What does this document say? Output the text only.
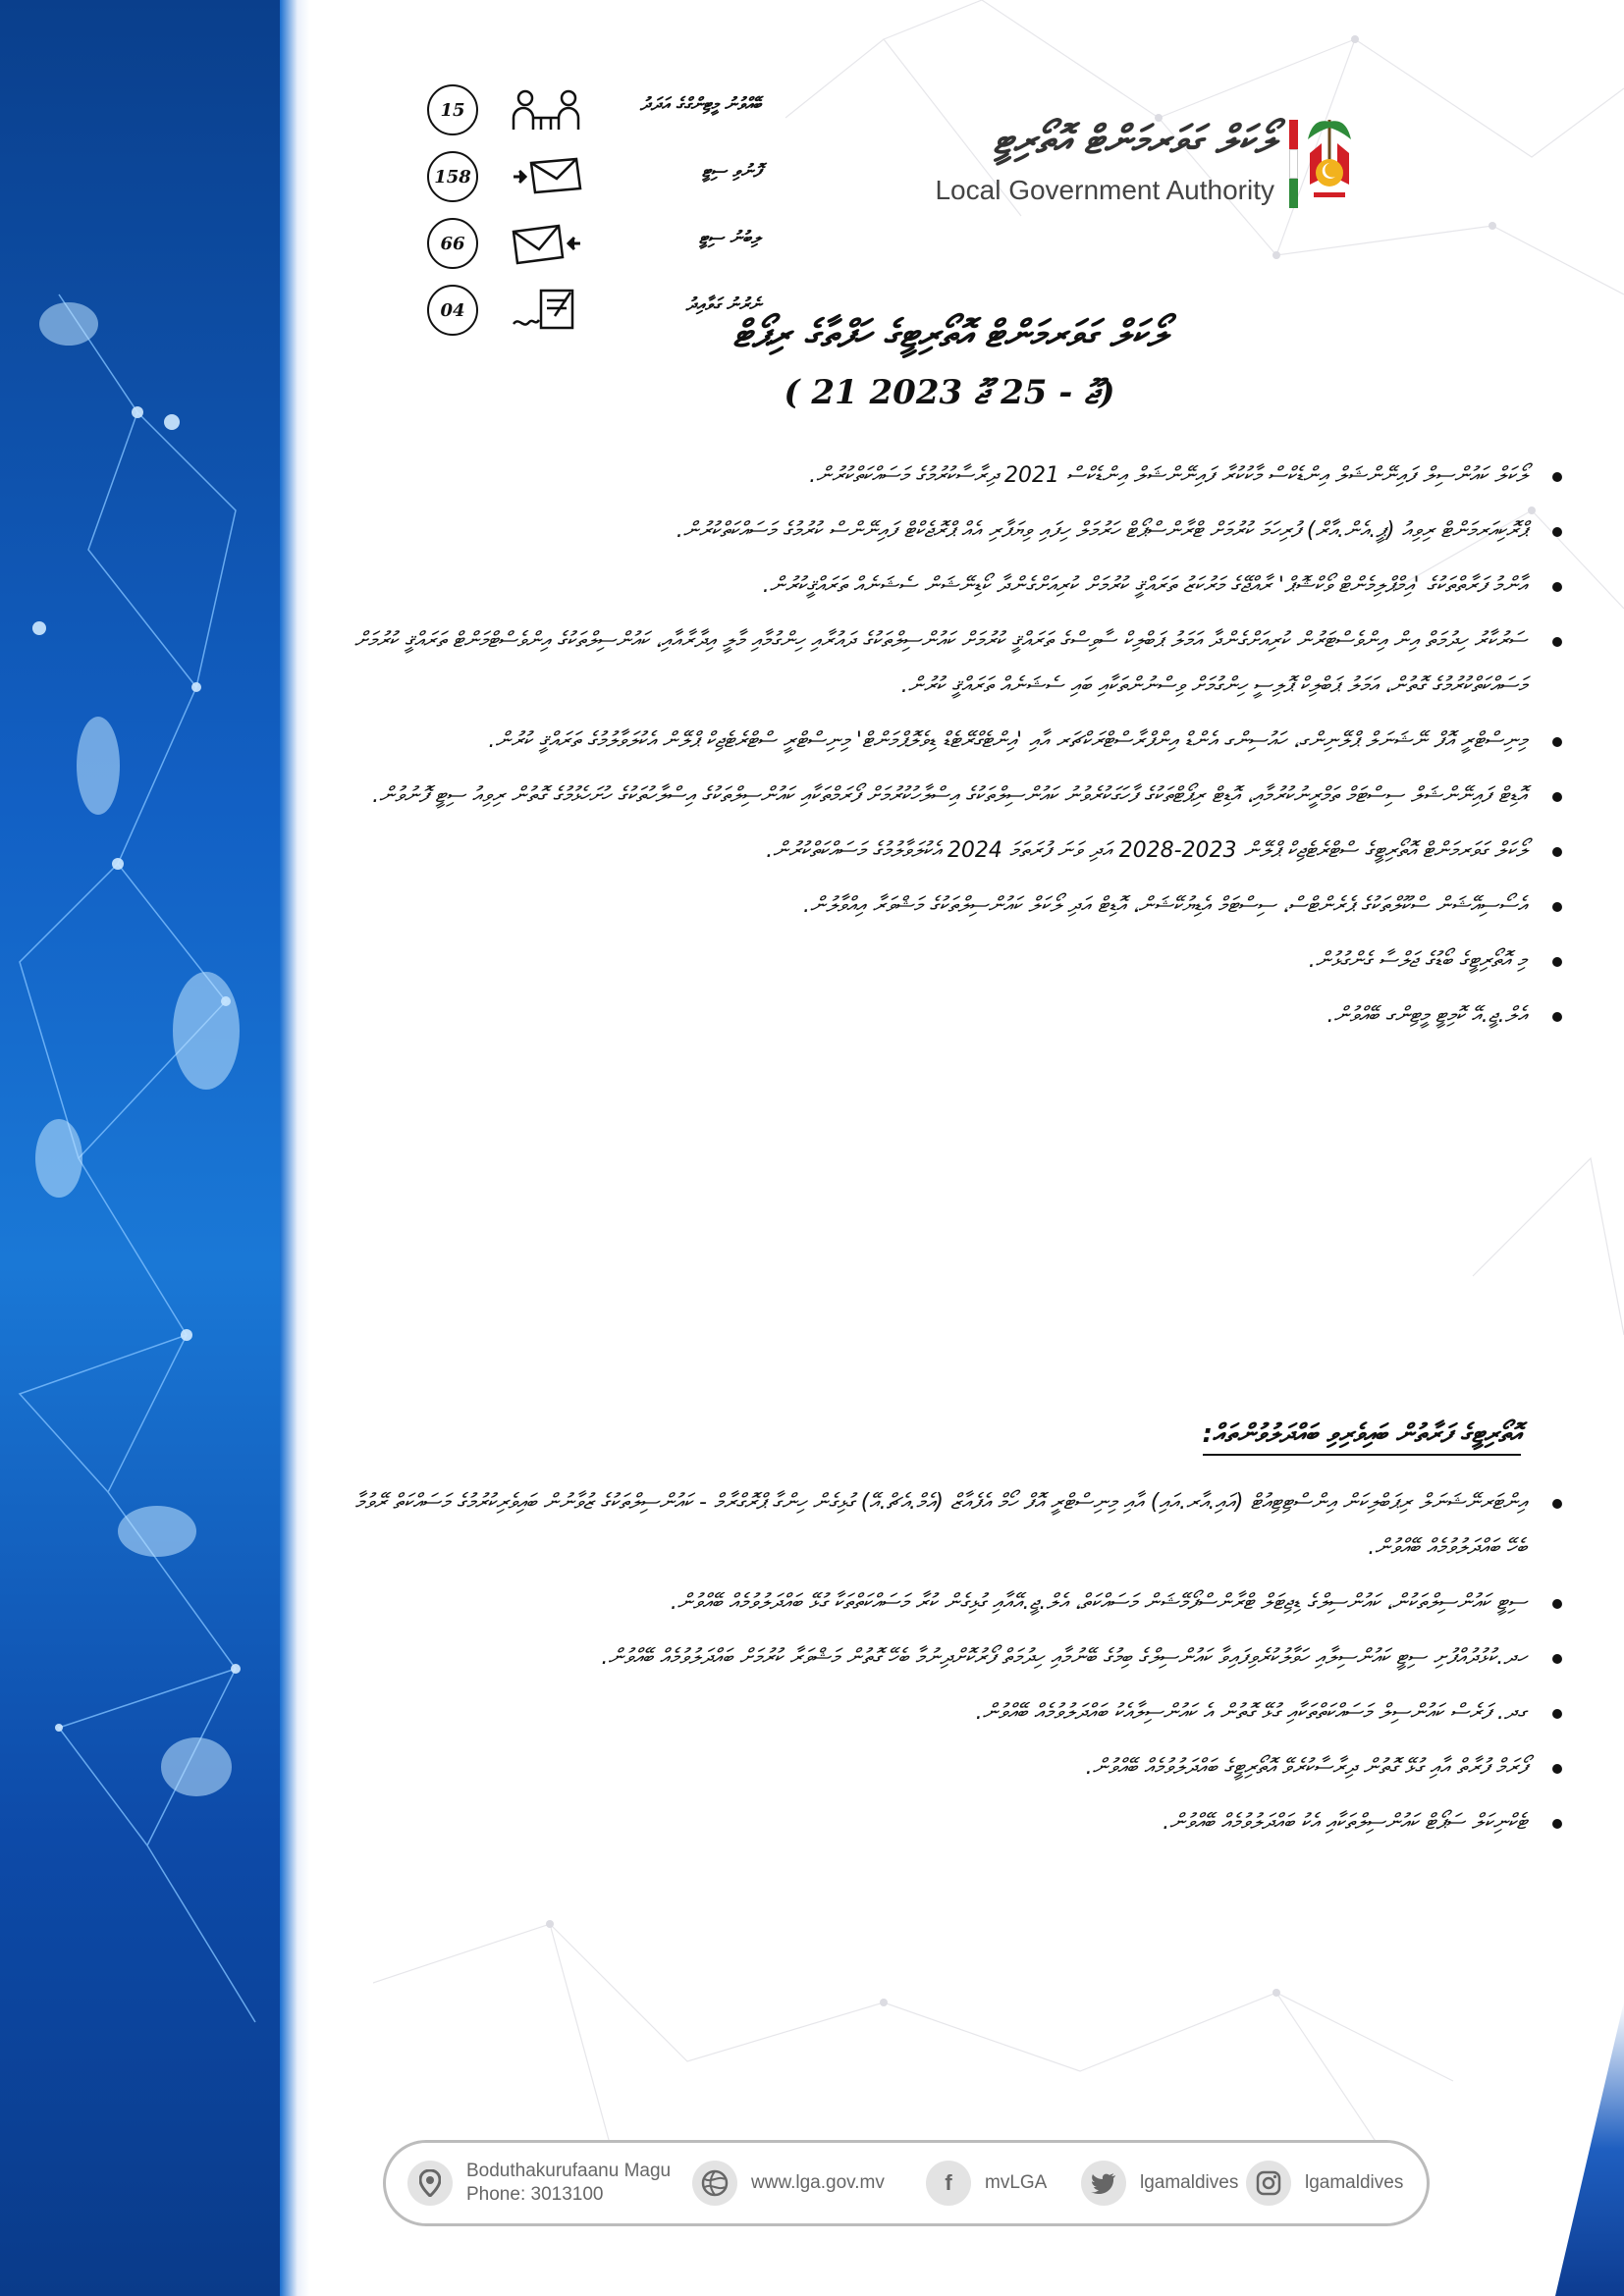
ލޯކަލް ގަވަރމަންޓް އޮތޯރިޓީ
Local Government Authority
15	ބޭއްވުނު މީޓިންގްގެ އަދަދު
158	ފޮނުވި ސިޓީ
66	ލިބުނު ސިޓީ
04	ނެރުނު ގަވާއިދު
ލޯކަލް ގަވަރމަންޓް އޮތޯރިޓީގެ ހަފްތާގެ ރިޕޯޓް
( 21 ޖޫ - 25 ޖޫ 2023)
ލޯކަލް ކައުންސިލް ފައިނޭންޝަލް އިންޑެކްސް މާކުކުރާ ފައިނޭންޝަލް އިންޑެކްސް 2021 ދިރާސާކުރުމުގެ މަސައްކަތްކުރުން.
ޕްރޮކިއަރމަންޓް ރިވިއު (ޕީ.އެން.އާރް) ފުރިހަމަ ކުރުމަށް ޓްރާންސްޕޯޓް ހަރުމަލް ހިފައި ވިޔަފާރި އެއް ޕްރޮޖެކްޓް ފައިނޭންސް ކުރުމުގެ މަސައްކަތްކުރުން.
އާންމު ފަރާތްތަކުގެ 'އިމްޕްލިމެންޓް ވޯކްޝޮޕް' ރާއްޖޭގެ މަރުކަޒު ތަރައްޤީ ކުރުމަށް ކުރިއަށްގެންދާ ކޯޑިނޭޝަން ސެޝަނެއް ތަރައްޤީކުރުން.
ސަރުކާރު ހިދުމަތް އިން އިންވެސްޓަރުން ކުރިއަށްގެންދާ އަމަލު ޕަބްލިކް ސާވިސްގެ ތަރައްޤީ ކުރުމަށް ކައުންސިލްތަކުގެ ދައުރާއި ހިންގުމާއި މާލީ އިދާރާއާއި، ކައުންސިލްތަކުގެ އިންވެސްޓްމަންޓް ތަރައްޤީ ކުރުމަށް މަސައްކަތްކުރުމުގެ ގޮތުން، އަމަލު ޕަބްލިކް ޕޮލިސީ ހިންގުމަށް ވިސްނުންތަކާއި ބައި ސެޝަނެއް ތަރައްޤީ ކުރުން.
މިނިސްޓްރީ އޮފް ނޭޝަނަލް ޕްލޭނިންގ، ހައުސިންގ އެންޑް އިންފްރާސްޓްރަކްޗަރ އާއި 'އިންޓެގްރޭޓެޑް ޑިވެލޮޕްމަންޓް' މިނިސްޓްރީ ސްޓްރެޓެޖިކް ޕްލޭން އެކުލަވާލުމުގެ ތަރައްޤީ ކުރުން.
އޮޑިޓް ފައިނޭންޝަލް ސިސްޓަމް ތަމްރީނުކުރުމާއި، އޮޑިޓް ރިޕޯޓްތަކުގެ ފާހަގަކުރެވުނު ކައުންސިލްތަކުގެ އިސްލާހުކުރުމަށް ފޯރަމްތަކާއި ކައުންސިލްތަކުގެ އިސްލާހުތަކުގެ ހުށަހެޅުމުގެ ގޮތުން ރިވިއު ސިޓީ ފޮނުވުން.
ލޯކަލް ގަވަރމަންޓް އޮތޯރިޓީގެ ސްޓްރެޓެޖިކް ޕްލޭން 2023-2028 އަދި ވަނަ ފުރަތަމަ 2024 އެކުލަވާލުމުގެ މަސައްކަތްކުރުން.
އެސޯސިއޭޝަން ސްކޫލްތަކުގެ ޕެރެންޓްސް، ސިސްޓަމް އެޑިޔުކޭޝަން، އޮޑިޓް އަދި ލޯކަލް ކައުންސިލްތަކުގެ މަޝްވަރާ އިއްވާލުން.
މި އޮތޯރިޓީގެ ބޯޑުގެ ޖަލްސާ ގެންގުޅުން.
އެލް.ޖީ.އޭ ކޮމިޓީ މީޓިންގ ބޭއްވުން.
އޮތޯރިޓީގެ ފަރާތުން ބައިވެރިވި ބައްދަލުވުންތައް:
އިންޓަރނޭޝަނަލް ރިޕަބްލިކަން އިންސްޓިޓިއުޓް (އައި.އާރ.އައި) އާއި މިނިސްޓްރީ އޮފް ހޯމް އެފެއާޒް (އެމް.އެޗް.އޭ) ގުޅިގެން ހިންގާ ޕްރޮގްރާމް - ކައުންސިލްތަކުގެ ޒުވާނުން ބައިވެރިކުރުމުގެ މަސައްކަތް ރޭވުމާ ބެހޭ ބައްދަލުވުމެއް ބޭއްވުން.
ސިޓީ ކައުންސިލްތަކުން، ކައުންސިލްގެ ޑިޖިޓަލް ޓްރާންސްފޯމޭޝަން މަސައްކަތް، އެލް.ޖީ.އޭއާއި ގުޅިގެން ކުރާ މަސައްކަތްތަކާ ގުޅޭ ބައްދަލުވުމެއް ބޭއްވުން.
ހދ.ކުޅުދުއްފުށި ސިޓީ ކައުންސިލާއި ހަވާލުކުރެވިފައިވާ ކައުންސިލްގެ ބިމުގެ ބޭނުމާއި ހިދުމަތް ފޯރުކޮށްދިނުމާ ބެހޭ ގޮތުން މަޝްވަރާ ކުރުމަށް ބައްދަލުވުމެއް ބޭއްވުން.
ގދ. ފަރެސް ކައުންސިލް މަސައްކަތްތަކާއި ގުޅޭ ގޮތުން އެ ކައުންސިލާއެކު ބައްދަލުވުމެއް ބޭއްވުން.
ފޯރަމް ފުރާތް އާއި ގުޅޭ ގޮތުން ދިރާސާކުރެވޭ އޮތޯރިޓީގެ ބައްދަލުވުމެއް ބޭއްވުން.
ޓެކްނިކަލް ސަޕޯޓް ކައުންސިލްތަކާއި އެކު ބައްދަލުވުމެއް ބޭއްވުން.
Boduthakurufaanu Magu
Phone: 3013100
www.lga.gov.mv	f	mvLGA	lgamaldives	lgamaldives
